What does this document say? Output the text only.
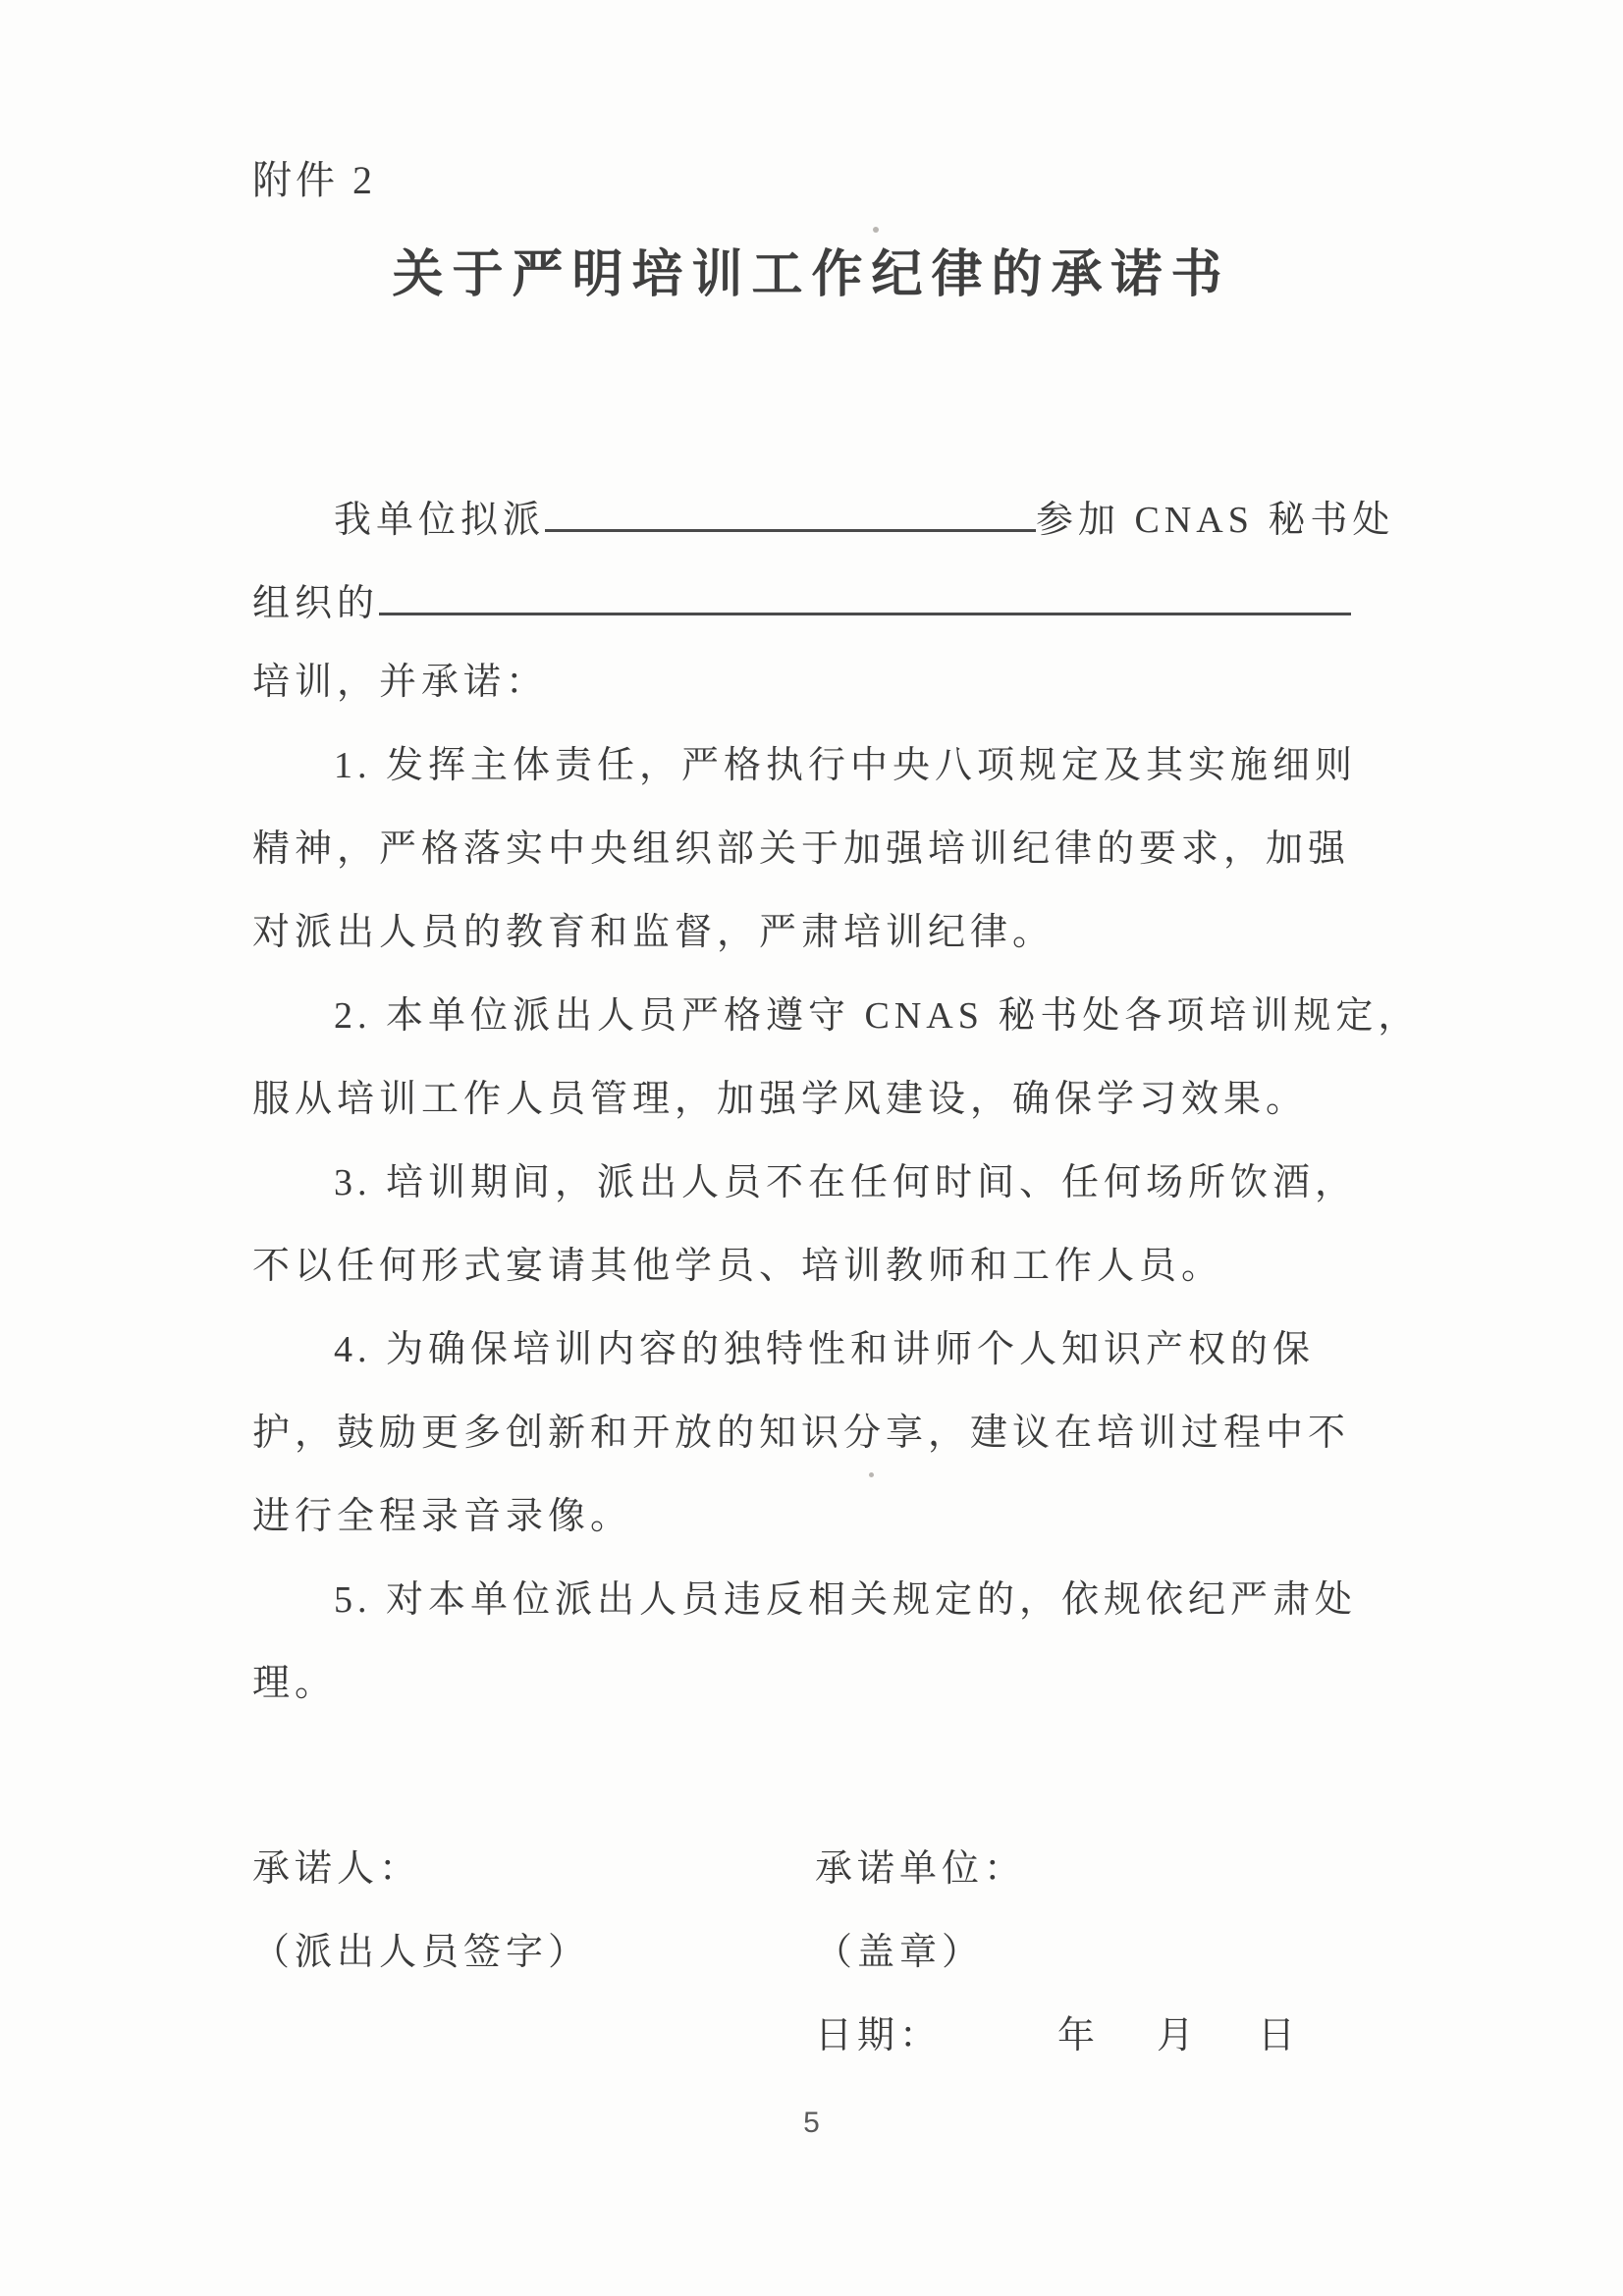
附件 2
关于严明培训工作纪律的承诺书
我单位拟派	参加 CNAS 秘书处
组织的
培训，并承诺：
1. 发挥主体责任，严格执行中央八项规定及其实施细则
精神，严格落实中央组织部关于加强培训纪律的要求，加强
对派出人员的教育和监督，严肃培训纪律。
2. 本单位派出人员严格遵守 CNAS 秘书处各项培训规定，
服从培训工作人员管理，加强学风建设，确保学习效果。
3. 培训期间，派出人员不在任何时间、任何场所饮酒，
不以任何形式宴请其他学员、培训教师和工作人员。
4. 为确保培训内容的独特性和讲师个人知识产权的保
护，鼓励更多创新和开放的知识分享，建议在培训过程中不
进行全程录音录像。
5. 对本单位派出人员违反相关规定的，依规依纪严肃处
理。
承诺人：
（派出人员签字）
承诺单位：
（盖章）
日期：	年 月 日
5
